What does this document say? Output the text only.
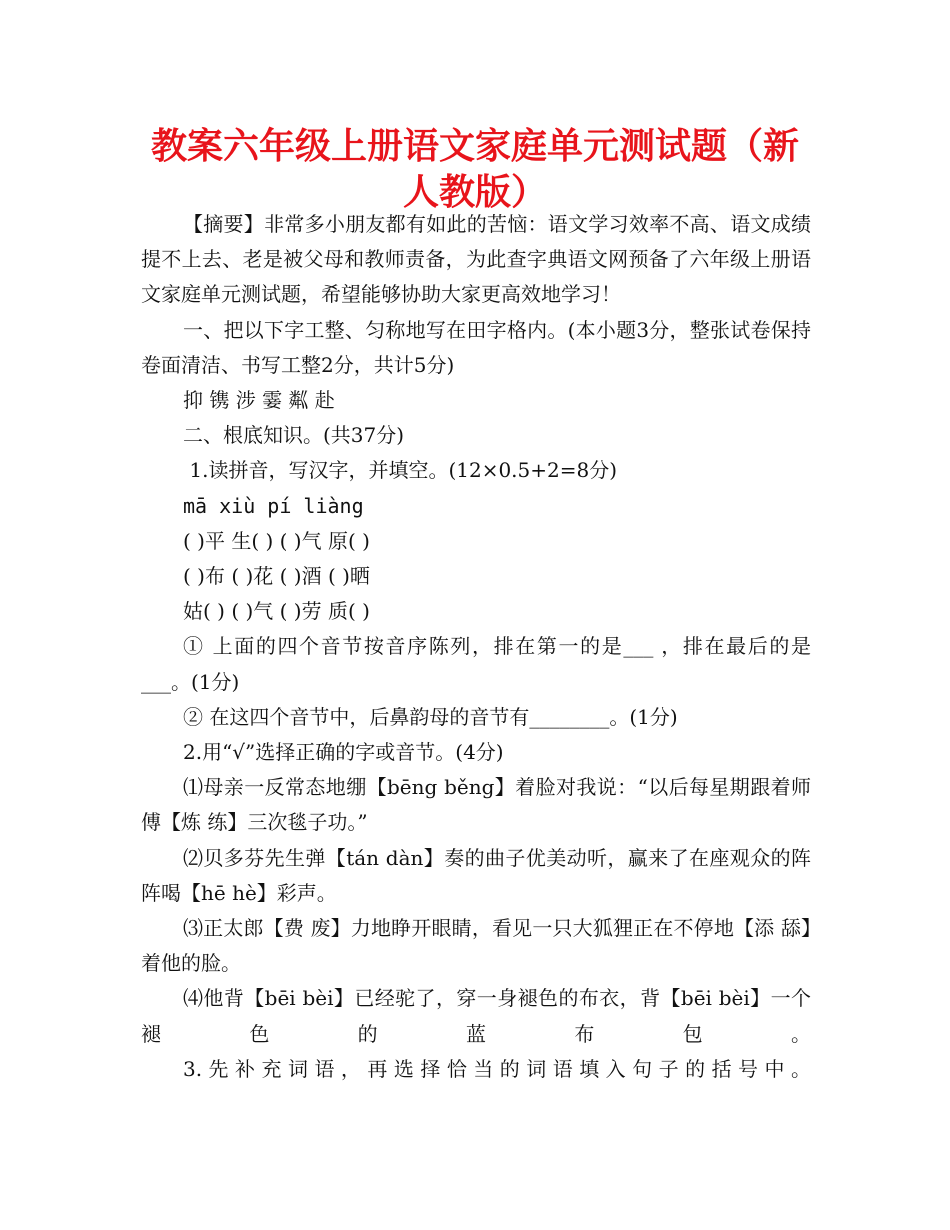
教案六年级上册语文家庭单元测试题（新人教版）

【摘要】非常多小朋友都有如此的苦恼：语文学习效率不高、语文成绩提不上去、老是被父母和教师责备，为此查字典语文网预备了六年级上册语文家庭单元测试题，希望能够协助大家更高效地学习！

一、把以下字工整、匀称地写在田字格内。(本小题3分，整张试卷保持卷面清洁、书写工整2分，共计5分)

抑 镌 涉 霎 粼 赴

二、根底知识。(共37分)

1.读拼音，写汉字，并填空。(12×0.5+2=8分)

mā xiù pí liàng

( )平 生( ) ( )气 原( )

( )布 ( )花 ( )酒 ( )晒

姑( ) ( )气 ( )劳 质( )

① 上面的四个音节按音序陈列，排在第一的是___ ，排在最后的是___。(1分)

② 在这四个音节中，后鼻韵母的音节有________。(1分)

2.用“√”选择正确的字或音节。(4分)

⑴母亲一反常态地绷【bēng běng】着脸对我说：“以后每星期跟着师傅【炼 练】三次毯子功。”

⑵贝多芬先生弹【tán dàn】奏的曲子优美动听，赢来了在座观众的阵阵喝【hē hè】彩声。

⑶正太郎【费 废】力地睁开眼睛，看见一只大狐狸正在不停地【添 舔】着他的脸。

⑷他背【bēi bèi】已经驼了，穿一身褪色的布衣，背【bēi bèi】一个褪色的蓝布包。

3.先补充词语，再选择恰当的词语填入句子的括号中。
